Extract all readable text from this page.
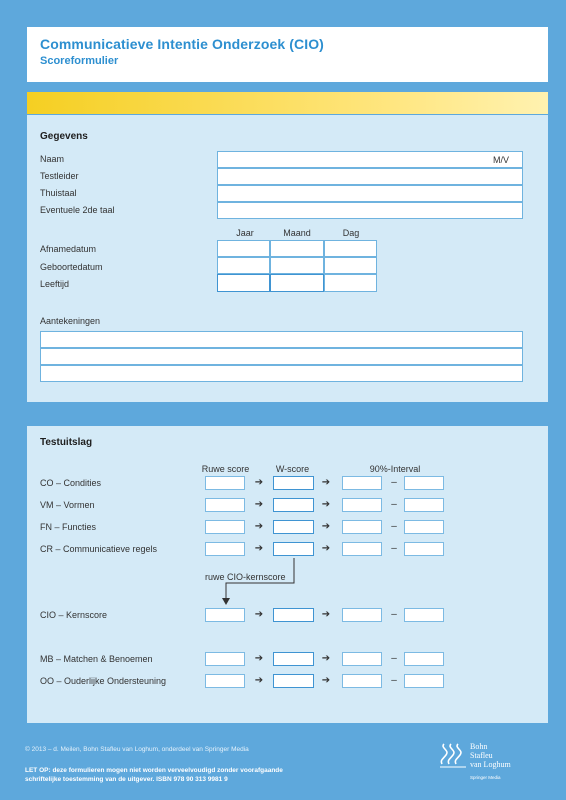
Communicatieve Intentie Onderzoek (CIO)
Scoreformulier
Gegevens
Naam
Testleider
Thuistaal
Eventuele 2de taal
M/V
Jaar	Maand	Dag
Afnamedatum
Geboortedatum
Leeftijd
Aantekeningen
Testuitslag
Ruwe score	W-score	90%-Interval
CO – Condities	➔	➔	–
VM – Vormen	➔	➔	–
FN – Functies	➔	➔	–
CR – Communicatieve regels	➔	➔	–
ruwe CIO-kernscore
CIO – Kernscore	➔	➔	–
MB – Matchen & Benoemen	➔	➔	–
OO – Ouderlijke Ondersteuning	➔	➔	–
© 2013 – d. Meilen, Bohn Stafleu van Loghum, onderdeel van Springer Media
LET OP: deze formulieren mogen niet worden verveelvoudigd zonder voorafgaande
schriftelijke toestemming van de uitgever. ISBN 978 90 313 9981 9
Bohn
Stafleu
van Loghum
Springer Media
